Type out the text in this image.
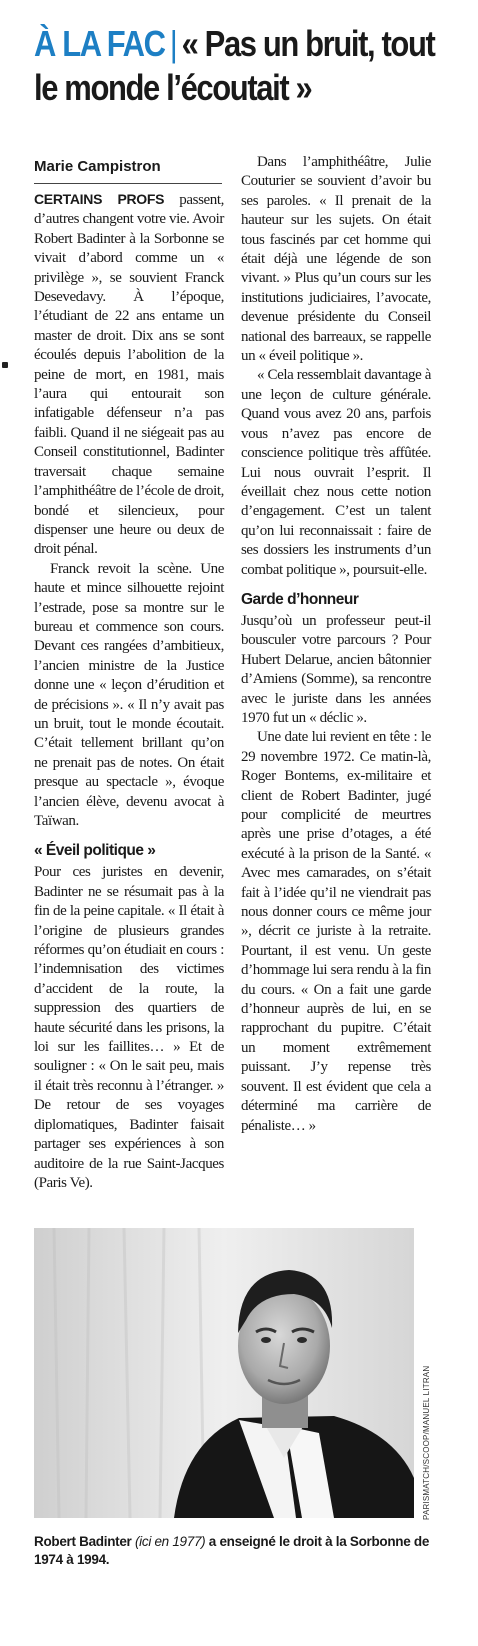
À LA FAC | « Pas un bruit, tout le monde l’écoutait »
Marie Campistron

CERTAINS PROFS passent, d’autres changent votre vie. Avoir Robert Badinter à la Sorbonne se vivait d’abord comme un « privilège », se souvient Franck Desevedavy. À l’époque, l’étudiant de 22 ans entame un master de droit. Dix ans se sont écoulés depuis l’abolition de la peine de mort, en 1981, mais l’aura qui entourait son infatigable défenseur n’a pas faibli. Quand il ne siégeait pas au Conseil constitutionnel, Badinter traversait chaque semaine l’amphithéâtre de l’école de droit, bondé et silencieux, pour dispenser une heure ou deux de droit pénal.

Franck revoit la scène. Une haute et mince silhouette rejoint l’estrade, pose sa montre sur le bureau et commence son cours. Devant ces rangées d’ambitieux, l’ancien ministre de la Justice donne une « leçon d’érudition et de précisions ». « Il n’y avait pas un bruit, tout le monde écoutait. C’était tellement brillant qu’on ne prenait pas de notes. On était presque au spectacle », évoque l’ancien élève, devenu avocat à Taïwan.

« Éveil politique »

Pour ces juristes en devenir, Badinter ne se résumait pas à la fin de la peine capitale. « Il était à l’origine de plusieurs grandes réformes qu’on étudiait en cours : l’indemnisation des victimes d’accident de la route, la suppression des quartiers de haute sécurité dans les prisons, la loi sur les faillites… » Et de souligner : « On le sait peu, mais il était très reconnu à l’étranger. » De retour de ses voyages diplomatiques, Badinter faisait partager ses expériences à son auditoire de la rue Saint-Jacques (Paris Ve).

Dans l’amphithéâtre, Julie Couturier se souvient d’avoir bu ses paroles. « Il prenait de la hauteur sur les sujets. On était tous fascinés par cet homme qui était déjà une légende de son vivant. » Plus qu’un cours sur les institutions judiciaires, l’avocate, devenue présidente du Conseil national des barreaux, se rappelle un « éveil politique ».

« Cela ressemblait davantage à une leçon de culture générale. Quand vous avez 20 ans, parfois vous n’avez pas encore de conscience politique très affûtée. Lui nous ouvrait l’esprit. Il éveillait chez nous cette notion d’engagement. C’est un talent qu’on lui reconnaissait : faire de ses dossiers les instruments d’un combat politique », poursuit-elle.

Garde d’honneur

Jusqu’où un professeur peut-il bousculer votre parcours ? Pour Hubert Delarue, ancien bâtonnier d’Amiens (Somme), sa rencontre avec le juriste dans les années 1970 fut un « déclic ».

Une date lui revient en tête : le 29 novembre 1972. Ce matin-là, Roger Bontems, ex-militaire et client de Robert Badinter, jugé pour complicité de meurtres après une prise d’otages, a été exécuté à la prison de la Santé. « Avec mes camarades, on s’était fait à l’idée qu’il ne viendrait pas nous donner cours ce même jour », décrit ce juriste à la retraite. Pourtant, il est venu. Un geste d’hommage lui sera rendu à la fin du cours. « On a fait une garde d’honneur auprès de lui, en se rapprochant du pupitre. C’était un moment extrêmement puissant. J’y repense très souvent. Il est évident que cela a déterminé ma carrière de pénaliste… »

PARISMATCH/SCOOP/MANUEL LITRAN
Robert Badinter (ici en 1977) a enseigné le droit à la Sorbonne de 1974 à 1994.
